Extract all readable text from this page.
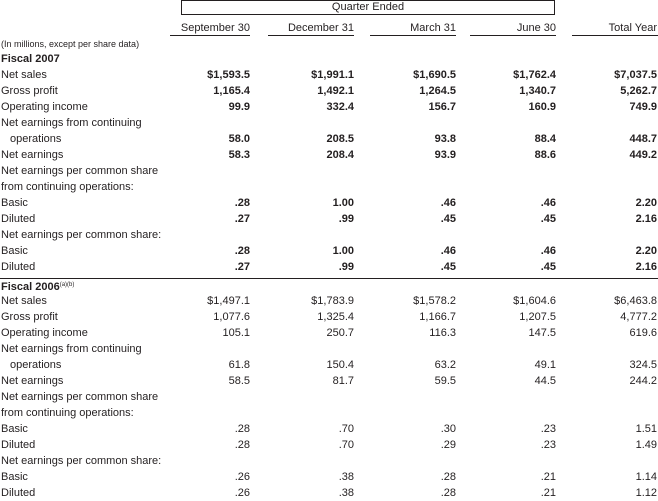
Quarter Ended
September 30	December 31	March 31	June 30	Total Year
(In millions, except per share data)
Fiscal 2007
Net sales	$1,593.5	$1,991.1	$1,690.5	$1,762.4	$7,037.5
Gross profit	1,165.4	1,492.1	1,264.5	1,340.7	5,262.7
Operating income	99.9	332.4	156.7	160.9	749.9
Net earnings from continuing
operations	58.0	208.5	93.8	88.4	448.7
Net earnings	58.3	208.4	93.9	88.6	449.2
Net earnings per common share
from continuing operations:
Basic	.28	1.00	.46	.46	2.20
Diluted	.27	.99	.45	.45	2.16
Net earnings per common share:
Basic	.28	1.00	.46	.46	2.20
Diluted	.27	.99	.45	.45	2.16
Fiscal $2006^{(a)(b)}$
Net sales	$1,497.1	$1,783.9	$1,578.2	$1,604.6	$6,463.8
Gross profit	1,077.6	1,325.4	1,166.7	1,207.5	4,777.2
Operating income	105.1	250.7	116.3	147.5	619.6
Net earnings from continuing
operations	61.8	150.4	63.2	49.1	324.5
Net earnings	58.5	81.7	59.5	44.5	244.2
Net earnings per common share
from continuing operations:
Basic	.28	.70	.30	.23	1.51
Diluted	.28	.70	.29	.23	1.49
Net earnings per common share:
Basic	.26	.38	.28	.21	1.14
Diluted	.26	.38	.28	.21	1.12
